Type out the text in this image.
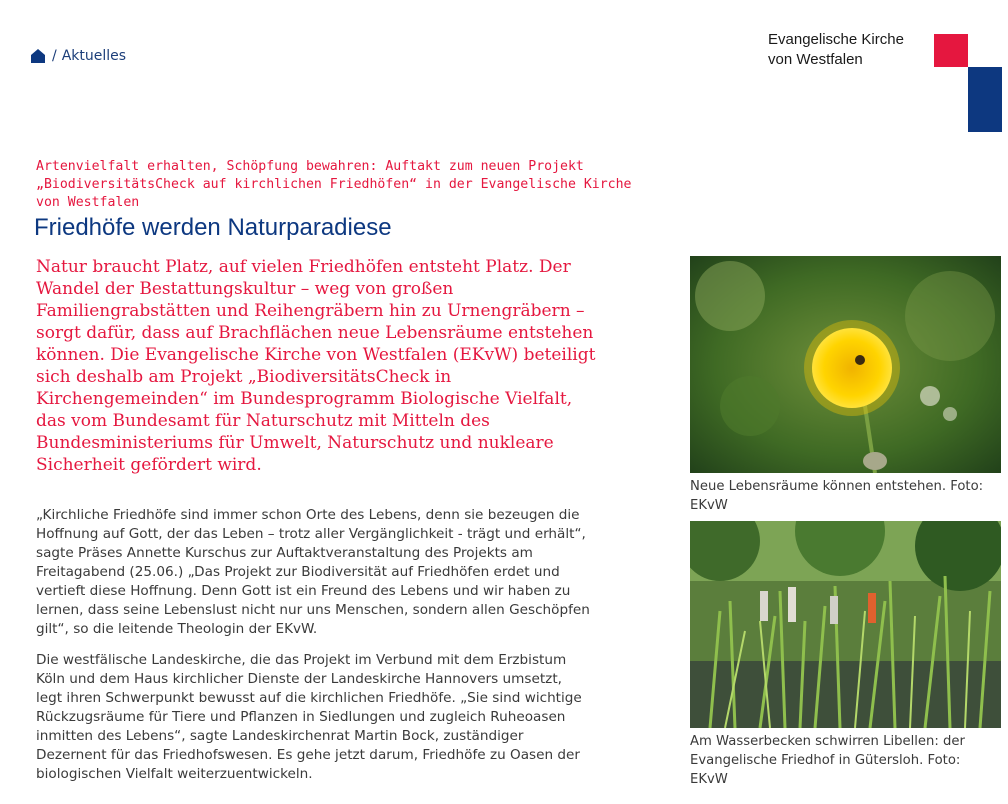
/ Aktuelles
Evangelische Kirche
von Westfalen
Artenvielfalt erhalten, Schöpfung bewahren: Auftakt zum neuen Projekt „BiodiversitätsCheck auf kirchlichen Friedhöfen“ in der Evangelische Kirche von Westfalen
Friedhöfe werden Naturparadiese
Natur braucht Platz, auf vielen Friedhöfen entsteht Platz. Der Wandel der Bestattungskultur – weg von großen Familiengrabstätten und Reihengräbern hin zu Urnengräbern – sorgt dafür, dass auf Brachflächen neue Lebensräume entstehen können. Die Evangelische Kirche von Westfalen (EKvW) beteiligt sich deshalb am Projekt „BiodiversitätsCheck in Kirchengemeinden“ im Bundesprogramm Biologische Vielfalt, das vom Bundesamt für Naturschutz mit Mitteln des Bundesministeriums für Umwelt, Naturschutz und nukleare Sicherheit gefördert wird.

„Kirchliche Friedhöfe sind immer schon Orte des Lebens, denn sie bezeugen die Hoffnung auf Gott, der das Leben – trotz aller Vergänglichkeit - trägt und erhält“, sagte Präses Annette Kurschus zur Auftaktveranstaltung des Projekts am Freitagabend (25.06.) „Das Projekt zur Biodiversität auf Friedhöfen erdet und vertieft diese Hoffnung. Denn Gott ist ein Freund des Lebens und wir haben zu lernen, dass seine Lebenslust nicht nur uns Menschen, sondern allen Geschöpfen gilt“, so die leitende Theologin der EKvW.

Die westfälische Landeskirche, die das Projekt im Verbund mit dem Erzbistum Köln und dem Haus kirchlicher Dienste der Landeskirche Hannovers umsetzt, legt ihren Schwerpunkt bewusst auf die kirchlichen Friedhöfe. „Sie sind wichtige Rückzugsräume für Tiere und Pflanzen in Siedlungen und zugleich Ruheoasen inmitten des Lebens“, sagte Landeskirchenrat Martin Bock, zuständiger Dezernent für das Friedhofswesen. Es gehe jetzt darum, Friedhöfe zu Oasen der biologischen Vielfalt weiterzuentwickeln.

Neue Lebensräume können entstehen. Foto: EKvW
Am Wasserbecken schwirren Libellen: der Evangelische Friedhof in Gütersloh. Foto: EKvW
